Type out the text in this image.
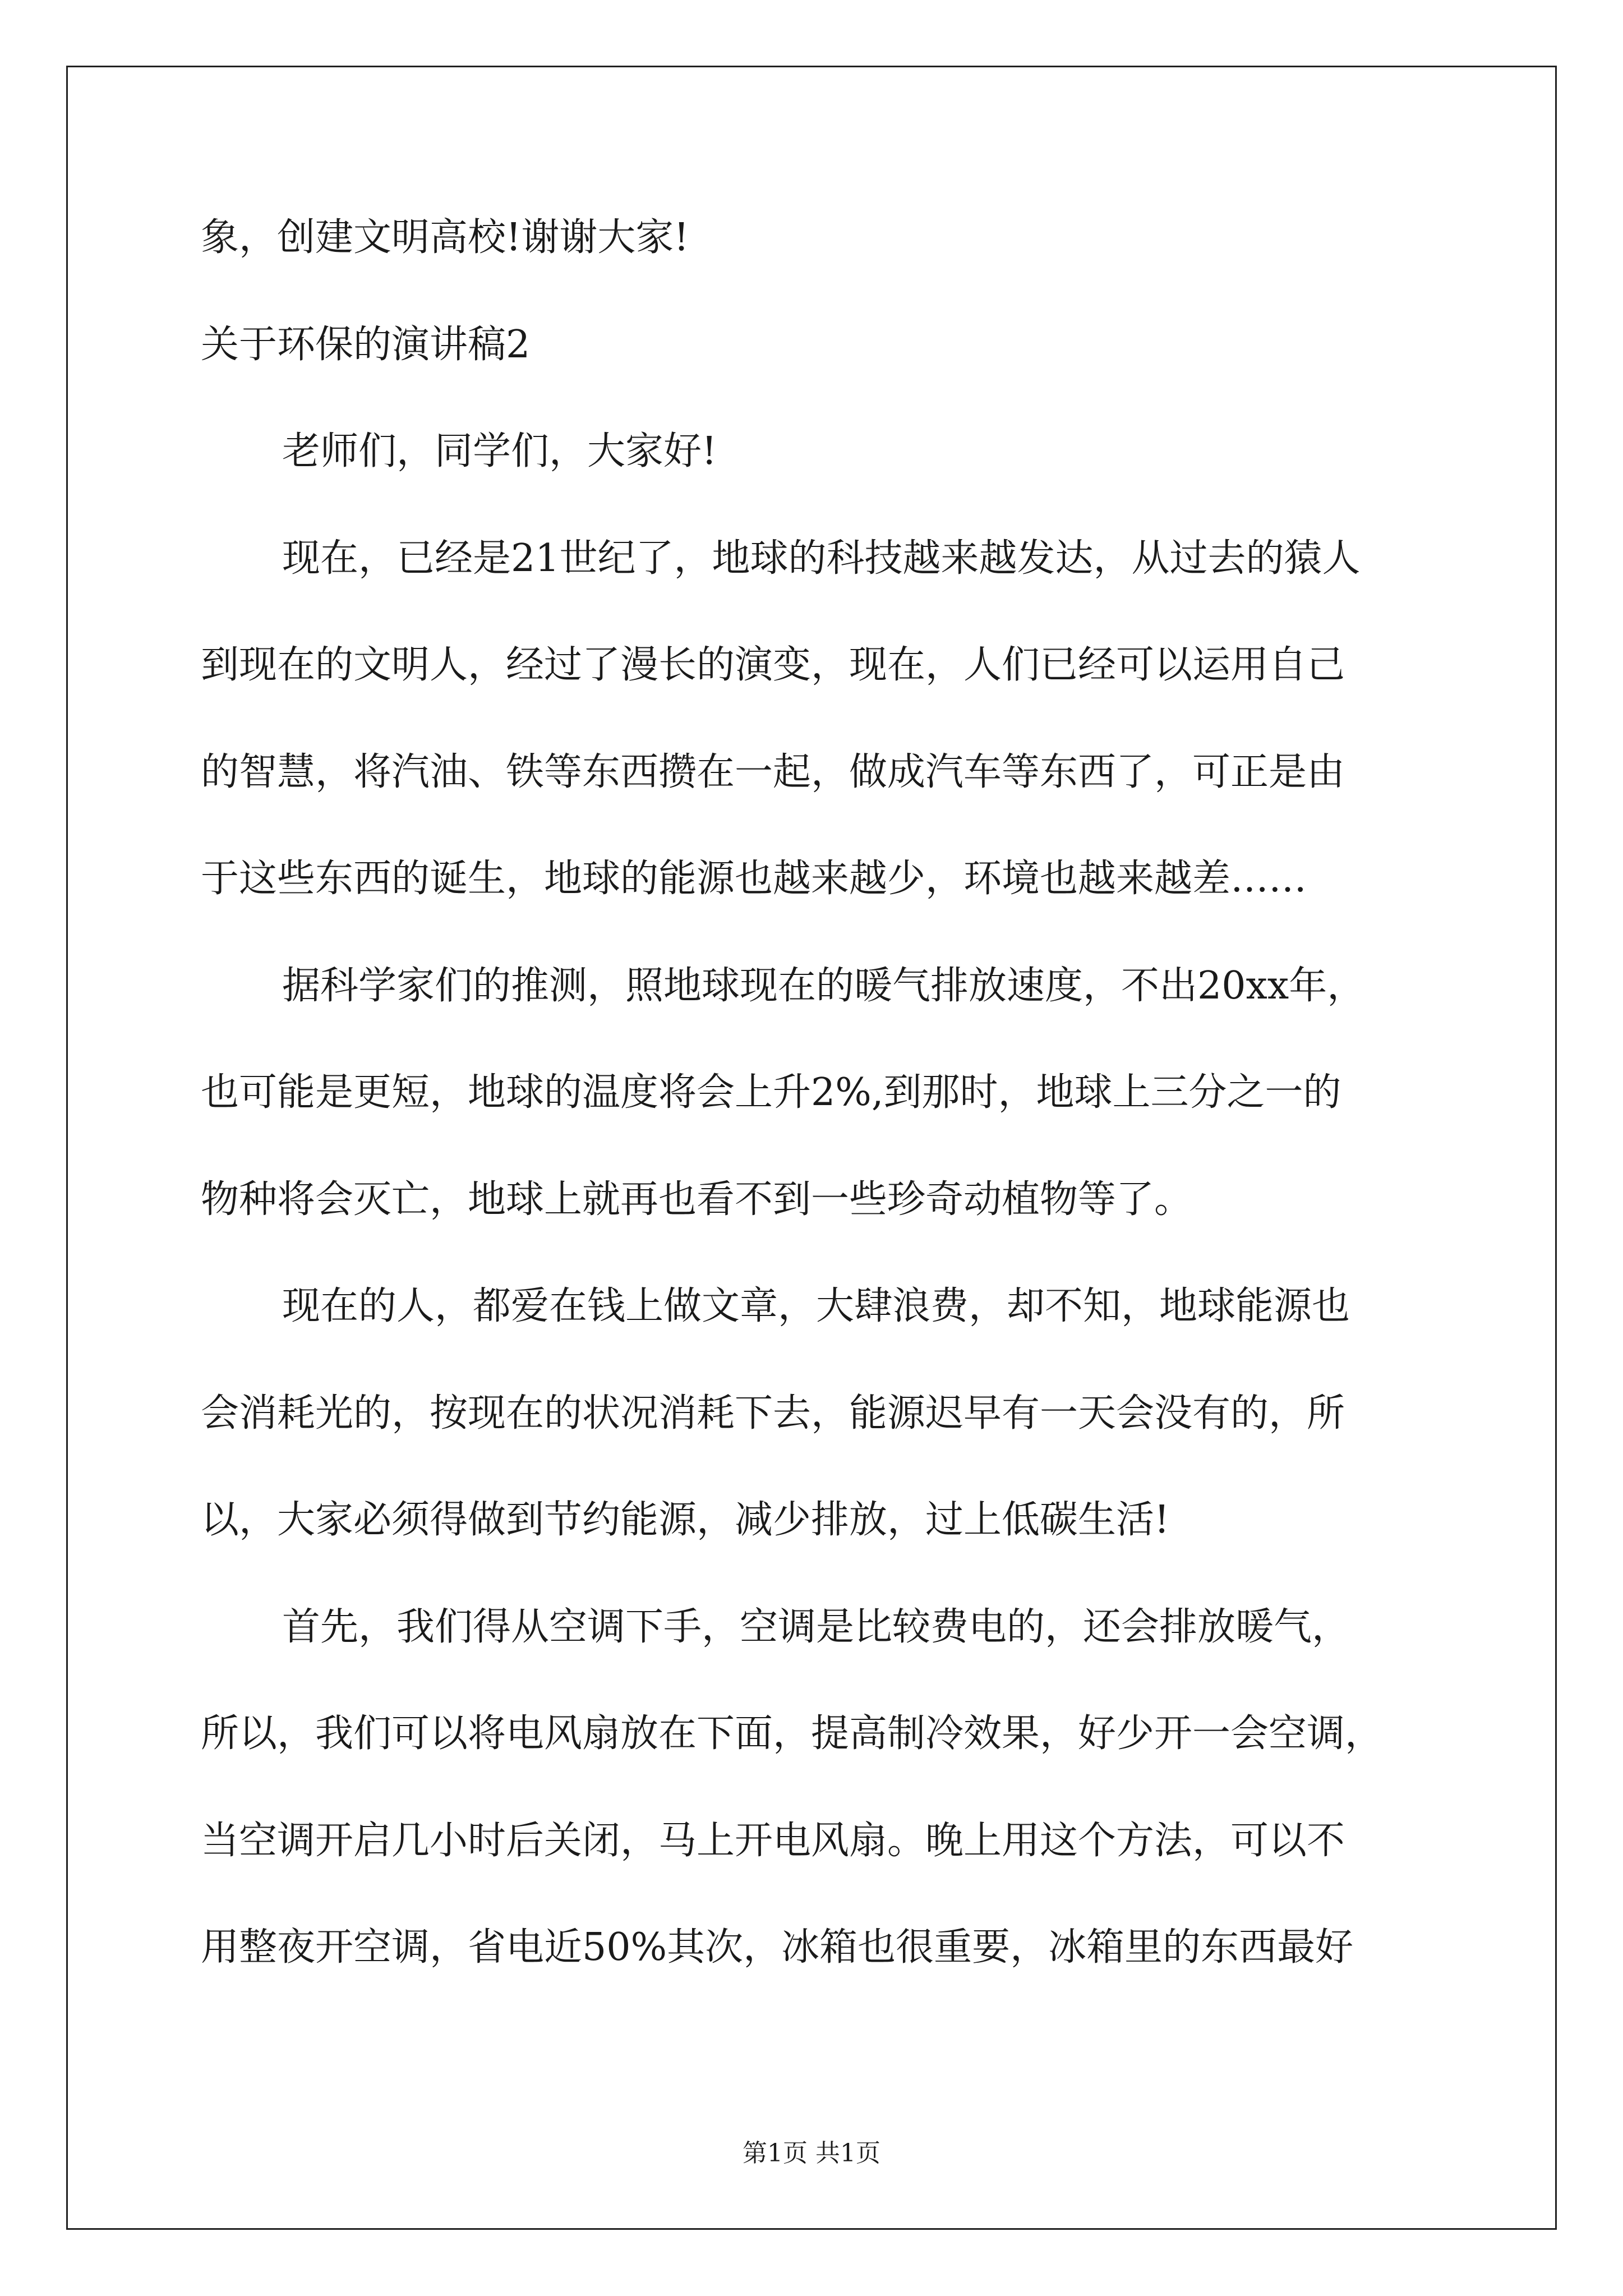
象，创建文明高校!谢谢大家!
关于环保的演讲稿2
老师们，同学们，大家好!
现在，已经是21世纪了，地球的科技越来越发达，从过去的猿人
到现在的文明人，经过了漫长的演变，现在，人们已经可以运用自己
的智慧，将汽油、铁等东西攒在一起，做成汽车等东西了，可正是由
于这些东西的诞生，地球的能源也越来越少，环境也越来越差……
据科学家们的推测，照地球现在的暖气排放速度，不出20xx年，
也可能是更短，地球的温度将会上升2%,到那时，地球上三分之一的
物种将会灭亡，地球上就再也看不到一些珍奇动植物等了。
现在的人，都爱在钱上做文章，大肆浪费，却不知，地球能源也
会消耗光的，按现在的状况消耗下去，能源迟早有一天会没有的，所
以，大家必须得做到节约能源，减少排放，过上低碳生活!
首先，我们得从空调下手，空调是比较费电的，还会排放暖气，
所以，我们可以将电风扇放在下面，提高制冷效果，好少开一会空调，
当空调开启几小时后关闭，马上开电风扇。晚上用这个方法，可以不
用整夜开空调，省电近50%其次，冰箱也很重要，冰箱里的东西最好
第1页 共1页
